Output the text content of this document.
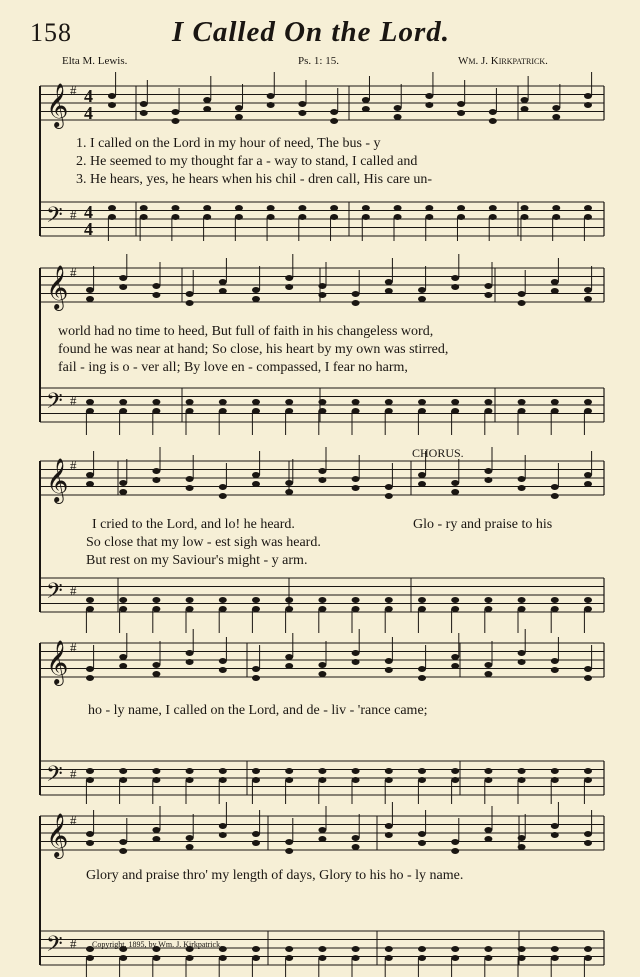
158	I Called On the Lord.
Elta M. Lewis.	Ps. 1: 15.	Wm. J. Kirkpatrick.
𝄞
𝄢
#
#
4
4
4
4
𝄞
𝄢
#
#
𝄞
𝄢
#
#
𝄞
𝄢
#
#
𝄞
𝄢
#
#
1. I called on the Lord in my hour of need, The bus - y
2. He seemed to my thought far a - way to stand, I called and
3. He hears, yes, he hears when his chil - dren call, His care un-
world had no time to heed, But full of faith in his changeless word,
found he was near at hand; So close, his heart by my own was stirred,
fail - ing is o - ver all; By love en - compassed, I fear no harm,
CHORUS.
I cried to the Lord, and lo! he heard.	Glo - ry and praise to his
So close that my low - est sigh was heard.
But rest on my Saviour's might - y arm.
ho - ly name, I called on the Lord, and de - liv - 'rance came;
Glory and praise thro' my length of days, Glory to his ho - ly name.
Copyright, 1895, by Wm. J. Kirkpatrick.
